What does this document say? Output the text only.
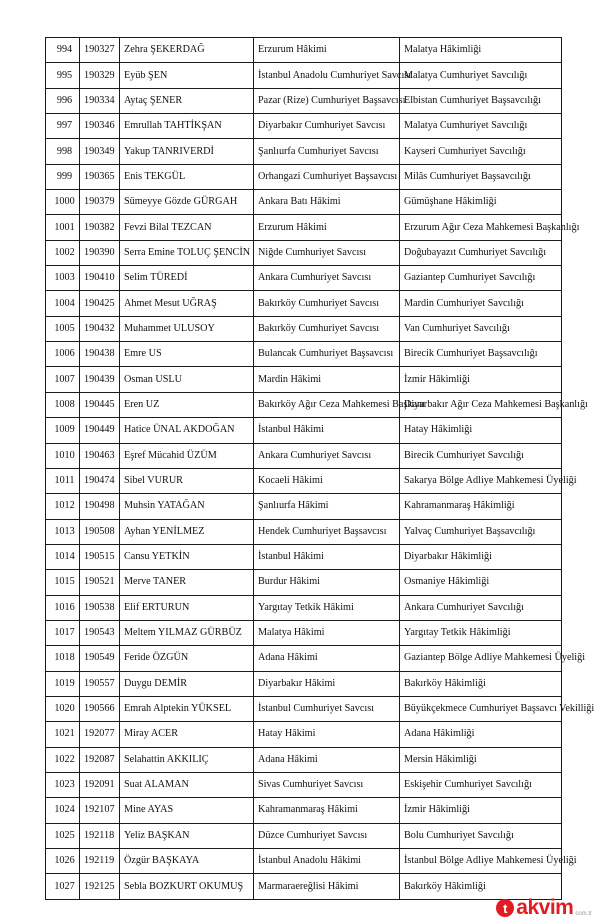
994	190327	Zehra ŞEKERDAĞ	Erzurum Hâkimi	Malatya Hâkimliği
995	190329	Eyüb ŞEN	İstanbul Anadolu Cumhuriyet Savcısı	Malatya Cumhuriyet Savcılığı
996	190334	Aytaç ŞENER	Pazar (Rize) Cumhuriyet Başsavcısı	Elbistan Cumhuriyet Başsavcılığı
997	190346	Emrullah TAHTİKŞAN	Diyarbakır Cumhuriyet Savcısı	Malatya Cumhuriyet Savcılığı
998	190349	Yakup TANRIVERDİ	Şanlıurfa Cumhuriyet Savcısı	Kayseri Cumhuriyet Savcılığı
999	190365	Enis TEKGÜL	Orhangazi Cumhuriyet Başsavcısı	Milâs Cumhuriyet Başsavcılığı
1000	190379	Sümeyye Gözde GÜRGAH	Ankara Batı Hâkimi	Gümüşhane Hâkimliği
1001	190382	Fevzi Bilal TEZCAN	Erzurum Hâkimi	Erzurum Ağır Ceza Mahkemesi Başkanlığı
1002	190390	Serra Emine TOLUÇ ŞENCİN	Niğde Cumhuriyet Savcısı	Doğubayazıt Cumhuriyet Savcılığı
1003	190410	Selim TÜREDİ	Ankara Cumhuriyet Savcısı	Gaziantep Cumhuriyet Savcılığı
1004	190425	Ahmet Mesut UĞRAŞ	Bakırköy Cumhuriyet Savcısı	Mardin Cumhuriyet Savcılığı
1005	190432	Muhammet ULUSOY	Bakırköy Cumhuriyet Savcısı	Van Cumhuriyet Savcılığı
1006	190438	Emre US	Bulancak Cumhuriyet Başsavcısı	Birecik Cumhuriyet Başsavcılığı
1007	190439	Osman USLU	Mardin Hâkimi	İzmir Hâkimliği
1008	190445	Eren UZ	Bakırköy Ağır Ceza Mahkemesi Başkanı	Diyarbakır Ağır Ceza Mahkemesi Başkanlığı
1009	190449	Hatice ÜNAL AKDOĞAN	İstanbul Hâkimi	Hatay Hâkimliği
1010	190463	Eşref Mücahid ÜZÜM	Ankara Cumhuriyet Savcısı	Birecik Cumhuriyet Savcılığı
1011	190474	Sibel VURUR	Kocaeli Hâkimi	Sakarya Bölge Adliye Mahkemesi Üyeliği
1012	190498	Muhsin YATAĞAN	Şanlıurfa Hâkimi	Kahramanmaraş Hâkimliği
1013	190508	Ayhan YENİLMEZ	Hendek Cumhuriyet Başsavcısı	Yalvaç Cumhuriyet Başsavcılığı
1014	190515	Cansu YETKİN	İstanbul Hâkimi	Diyarbakır Hâkimliği
1015	190521	Merve TANER	Burdur Hâkimi	Osmaniye Hâkimliği
1016	190538	Elif ERTURUN	Yargıtay Tetkik Hâkimi	Ankara Cumhuriyet Savcılığı
1017	190543	Meltem YILMAZ GÜRBÜZ	Malatya Hâkimi	Yargıtay Tetkik Hâkimliği
1018	190549	Feride ÖZGÜN	Adana Hâkimi	Gaziantep Bölge Adliye Mahkemesi Üyeliği
1019	190557	Duygu DEMİR	Diyarbakır Hâkimi	Bakırköy Hâkimliği
1020	190566	Emrah Alptekin YÜKSEL	İstanbul Cumhuriyet Savcısı	Büyükçekmece Cumhuriyet Başsavcı Vekilliği
1021	192077	Miray ACER	Hatay Hâkimi	Adana Hâkimliği
1022	192087	Selahattin AKKILIÇ	Adana Hâkimi	Mersin Hâkimliği
1023	192091	Suat ALAMAN	Sivas Cumhuriyet Savcısı	Eskişehir Cumhuriyet Savcılığı
1024	192107	Mine AYAS	Kahramanmaraş Hâkimi	İzmir Hâkimliği
1025	192118	Yeliz BAŞKAN	Düzce Cumhuriyet Savcısı	Bolu Cumhuriyet Savcılığı
1026	192119	Özgür BAŞKAYA	İstanbul Anadolu Hâkimi	İstanbul Bölge Adliye Mahkemesi Üyeliği
1027	192125	Sebla BOZKURT OKUMUŞ	Marmaraereğlisi Hâkimi	Bakırköy Hâkimliği
t akvim com.tr
